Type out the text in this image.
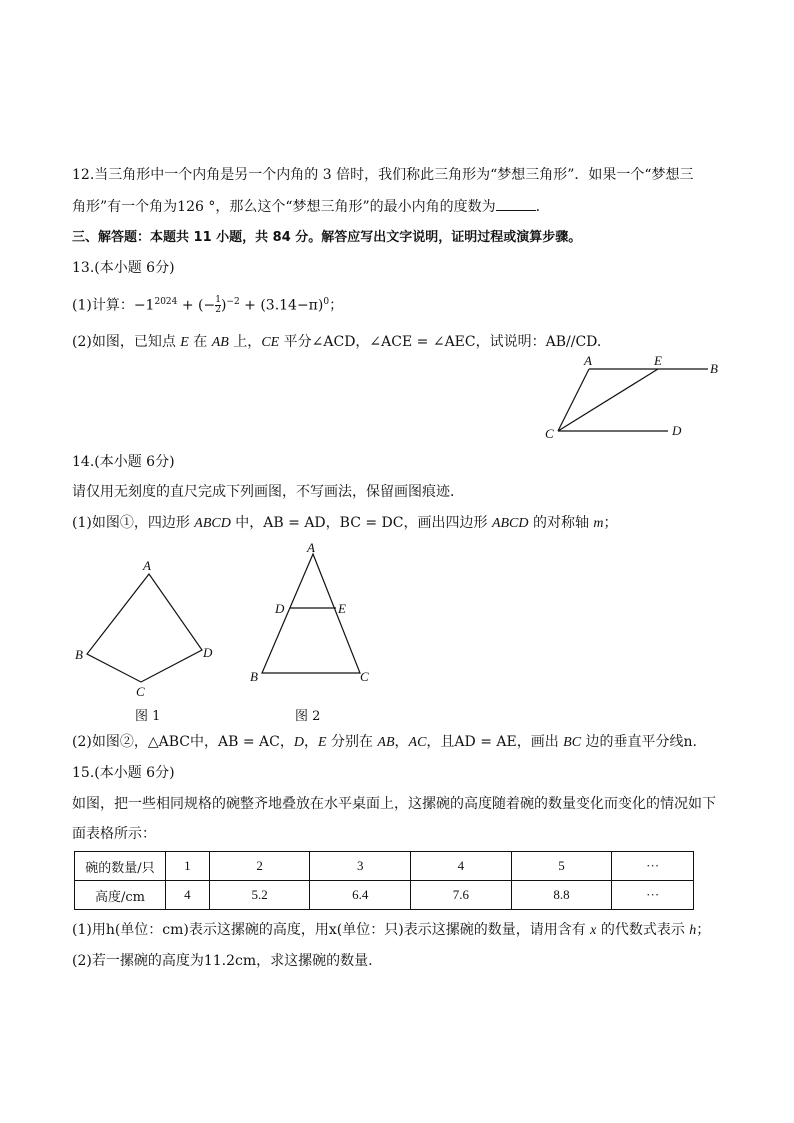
12.当三角形中一个内角是另一个内角的 3 倍时，我们称此三角形为“梦想三角形”．如果一个“梦想三
角形”有一个角为126 °，那么这个“梦想三角形”的最小内角的度数为	.
三、解答题：本题共 11 小题，共 84 分。解答应写出文字说明，证明过程或演算步骤。
13.(本小题 6分)
(1)计算：$-1^{2024}$ + (− $\frac{1}{2} )^{-2} + (3.14-\pi)^0$；
(2)如图，已知点 E 在 AB 上，CE 平分∠ACD，∠ACE = ∠AEC，试说明：AB//CD.
A	E
B
C	D
14.(本小题 6分)
请仅用无刻度的直尺完成下列画图，不写画法，保留画图痕迹．
(1)如图①，四边形 ABCD 中，AB = AD，BC = DC，画出四边形 ABCD 的对称轴 m；
A
B
C
D
图 1
A
D	E
B	C
图 2
(2)如图②，△ABC中，AB = AC，D，E 分别在 AB，AC，且AD = AE，画出 BC 边的垂直平分线n.
15.(本小题 6分)
如图，把一些相同规格的碗整齐地叠放在水平桌面上，这摞碗的高度随着碗的数量变化而变化的情况如下
面表格所示：
碗的数量/只	1	2	3	4	5	···
高度/cm	4	5.2	6.4	7.6	8.8	···
(1)用h(单位：cm)表示这摞碗的高度，用x(单位：只)表示这摞碗的数量，请用含有 x 的代数式表示 h；
(2)若一摞碗的高度为11.2cm，求这摞碗的数量.
